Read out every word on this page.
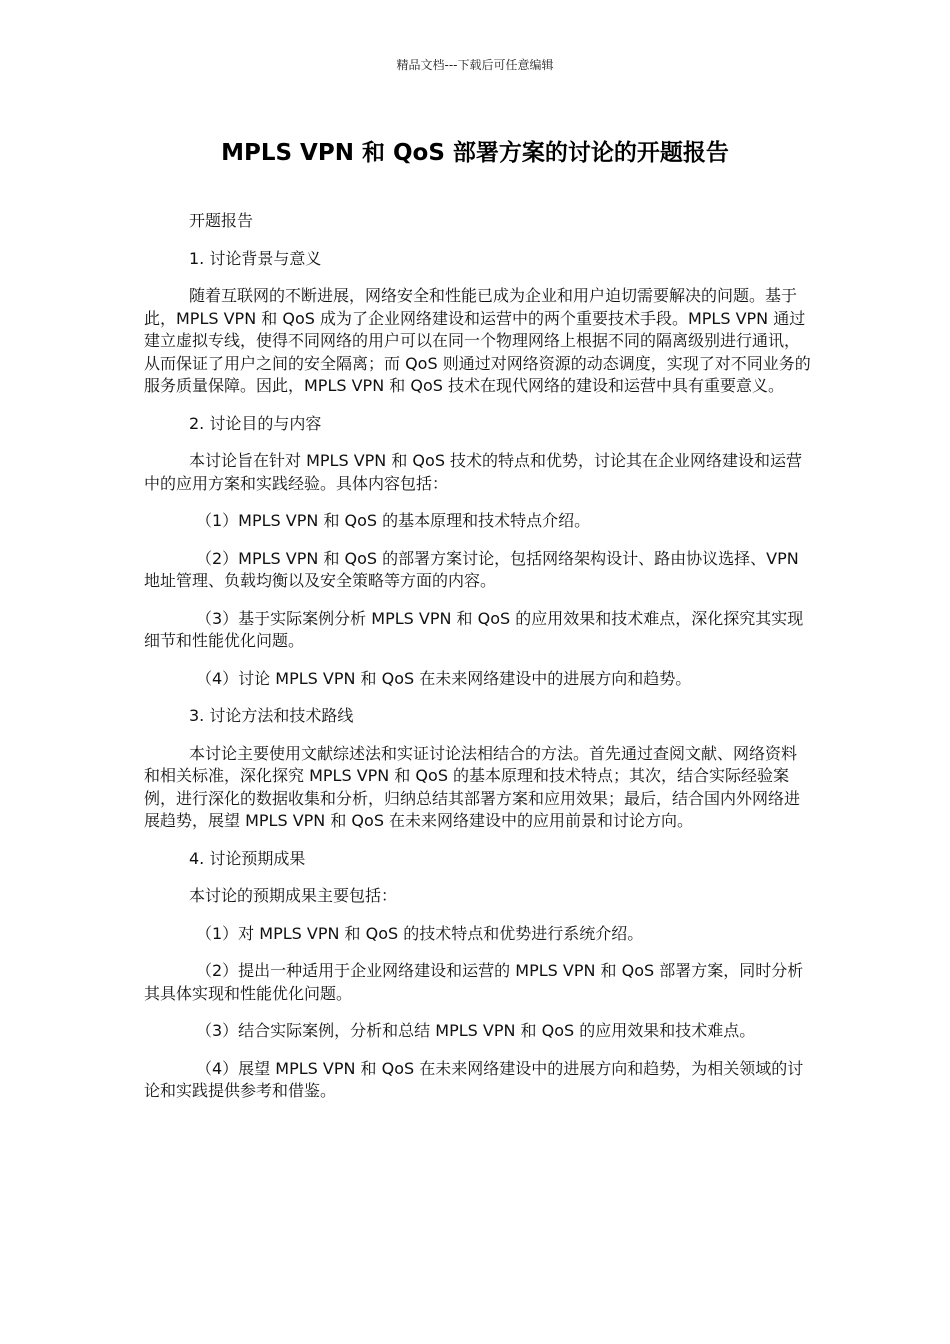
精品文档---下载后可任意编辑
MPLS VPN 和 QoS 部署方案的讨论的开题报告

开题报告

1. 讨论背景与意义

随着互联网的不断进展，网络安全和性能已成为企业和用户迫切需要解决的问题。基于此，MPLS VPN 和 QoS 成为了企业网络建设和运营中的两个重要技术手段。MPLS VPN 通过建立虚拟专线，使得不同网络的用户可以在同一个物理网络上根据不同的隔离级别进行通讯，从而保证了用户之间的安全隔离；而 QoS 则通过对网络资源的动态调度，实现了对不同业务的服务质量保障。因此，MPLS VPN 和 QoS 技术在现代网络的建设和运营中具有重要意义。

2. 讨论目的与内容

本讨论旨在针对 MPLS VPN 和 QoS 技术的特点和优势，讨论其在企业网络建设和运营中的应用方案和实践经验。具体内容包括：

（1）MPLS VPN 和 QoS 的基本原理和技术特点介绍。

（2）MPLS VPN 和 QoS 的部署方案讨论，包括网络架构设计、路由协议选择、VPN 地址管理、负载均衡以及安全策略等方面的内容。

（3）基于实际案例分析 MPLS VPN 和 QoS 的应用效果和技术难点，深化探究其实现细节和性能优化问题。

（4）讨论 MPLS VPN 和 QoS 在未来网络建设中的进展方向和趋势。

3. 讨论方法和技术路线

本讨论主要使用文献综述法和实证讨论法相结合的方法。首先通过查阅文献、网络资料和相关标准，深化探究 MPLS VPN 和 QoS 的基本原理和技术特点；其次，结合实际经验案例，进行深化的数据收集和分析，归纳总结其部署方案和应用效果；最后，结合国内外网络进展趋势，展望 MPLS VPN 和 QoS 在未来网络建设中的应用前景和讨论方向。

4. 讨论预期成果

本讨论的预期成果主要包括：

（1）对 MPLS VPN 和 QoS 的技术特点和优势进行系统介绍。

（2）提出一种适用于企业网络建设和运营的 MPLS VPN 和 QoS 部署方案，同时分析其具体实现和性能优化问题。

（3）结合实际案例，分析和总结 MPLS VPN 和 QoS 的应用效果和技术难点。

（4）展望 MPLS VPN 和 QoS 在未来网络建设中的进展方向和趋势，为相关领域的讨论和实践提供参考和借鉴。
